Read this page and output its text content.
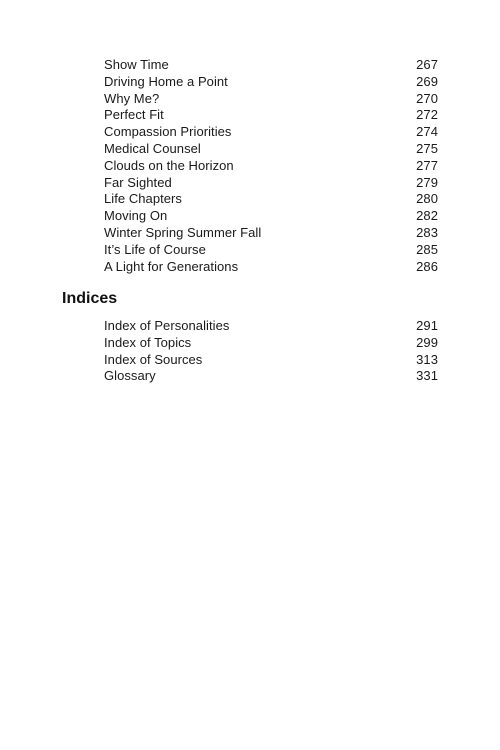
Show Time	267
Driving Home a Point	269
Why Me?	270
Perfect Fit	272
Compassion Priorities	274
Medical Counsel	275
Clouds on the Horizon	277
Far Sighted	279
Life Chapters	280
Moving On	282
Winter Spring Summer Fall	283
It’s Life of Course	285
A Light for Generations	286
Indices
Index of Personalities	291
Index of Topics	299
Index of Sources	313
Glossary	331
